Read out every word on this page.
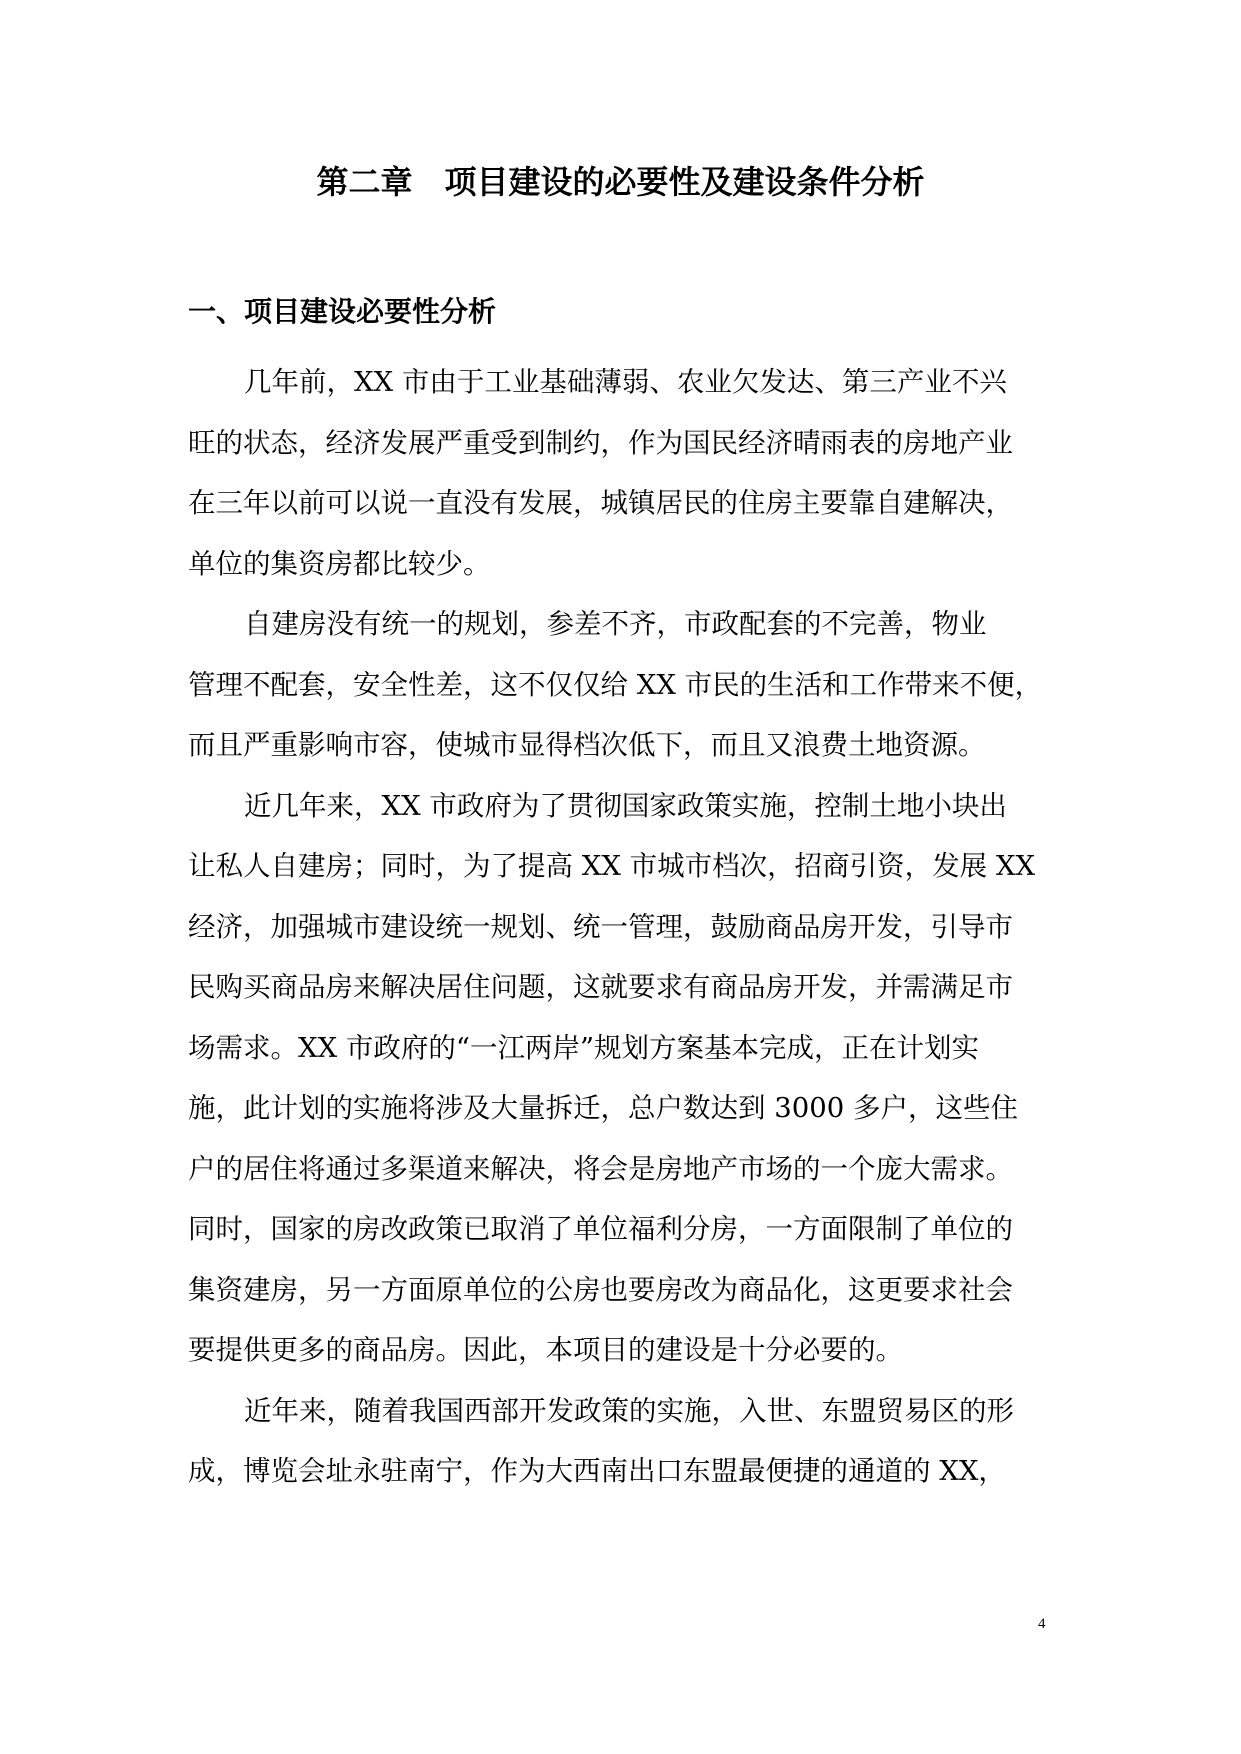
第二章　项目建设的必要性及建设条件分析
一、项目建设必要性分析

几年前，XX 市由于工业基础薄弱、农业欠发达、第三产业不兴
旺的状态，经济发展严重受到制约，作为国民经济晴雨表的房地产业
在三年以前可以说一直没有发展，城镇居民的住房主要靠自建解决，
单位的集资房都比较少。

自建房没有统一的规划，参差不齐，市政配套的不完善，物业
管理不配套，安全性差，这不仅仅给 XX 市民的生活和工作带来不便，
而且严重影响市容，使城市显得档次低下，而且又浪费土地资源。

近几年来，XX 市政府为了贯彻国家政策实施，控制土地小块出
让私人自建房；同时，为了提高 XX 市城市档次，招商引资，发展 XX
经济，加强城市建设统一规划、统一管理，鼓励商品房开发，引导市
民购买商品房来解决居住问题，这就要求有商品房开发，并需满足市
场需求。XX 市政府的“一江两岸”规划方案基本完成，正在计划实
施，此计划的实施将涉及大量拆迁，总户数达到 3000 多户，这些住
户的居住将通过多渠道来解决，将会是房地产市场的一个庞大需求。
同时，国家的房改政策已取消了单位福利分房，一方面限制了单位的
集资建房，另一方面原单位的公房也要房改为商品化，这更要求社会
要提供更多的商品房。因此，本项目的建设是十分必要的。

近年来，随着我国西部开发政策的实施，入世、东盟贸易区的形
成，博览会址永驻南宁，作为大西南出口东盟最便捷的通道的 XX，

4
